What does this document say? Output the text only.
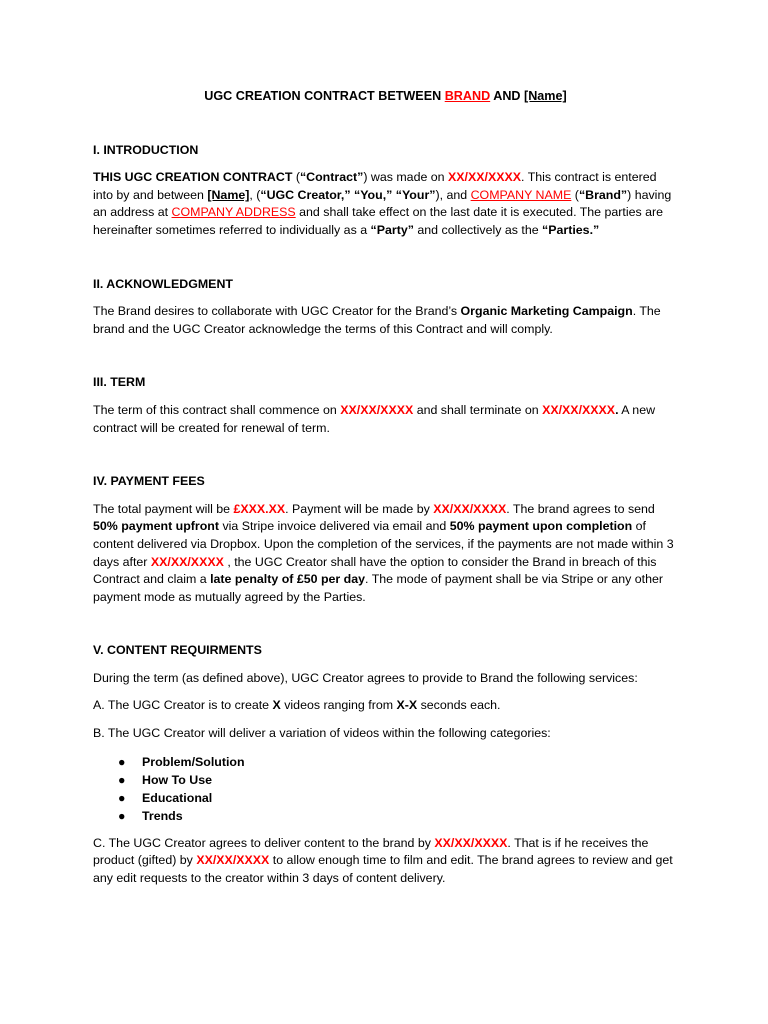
UGC CREATION CONTRACT BETWEEN BRAND AND [Name]
I. INTRODUCTION

THIS UGC CREATION CONTRACT (“Contract”) was made on XX/XX/XXXX. This contract is entered into by and between [Name], (“UGC Creator,” “You,” “Your”), and COMPANY NAME (“Brand”) having an address at COMPANY ADDRESS and shall take effect on the last date it is executed. The parties are hereinafter sometimes referred to individually as a “Party” and collectively as the “Parties.”

II. ACKNOWLEDGMENT

The Brand desires to collaborate with UGC Creator for the Brand’s Organic Marketing Campaign. The brand and the UGC Creator acknowledge the terms of this Contract and will comply.

III. TERM

The term of this contract shall commence on XX/XX/XXXX and shall terminate on XX/XX/XXXX. A new contract will be created for renewal of term.

IV. PAYMENT FEES

The total payment will be £XXX.XX. Payment will be made by XX/XX/XXXX. The brand agrees to send 50% payment upfront via Stripe invoice delivered via email and 50% payment upon completion of content delivered via Dropbox. Upon the completion of the services, if the payments are not made within 3 days after XX/XX/XXXX , the UGC Creator shall have the option to consider the Brand in breach of this Contract and claim a late penalty of £50 per day. The mode of payment shall be via Stripe or any other payment mode as mutually agreed by the Parties.

V. CONTENT REQUIRMENTS

During the term (as defined above), UGC Creator agrees to provide to Brand the following services:

A. The UGC Creator is to create X videos ranging from X-X seconds each.

B. The UGC Creator will deliver a variation of videos within the following categories:

● Problem/Solution
● How To Use
● Educational
● Trends

C. The UGC Creator agrees to deliver content to the brand by XX/XX/XXXX. That is if he receives the product (gifted) by XX/XX/XXXX to allow enough time to film and edit. The brand agrees to review and get any edit requests to the creator within 3 days of content delivery.
